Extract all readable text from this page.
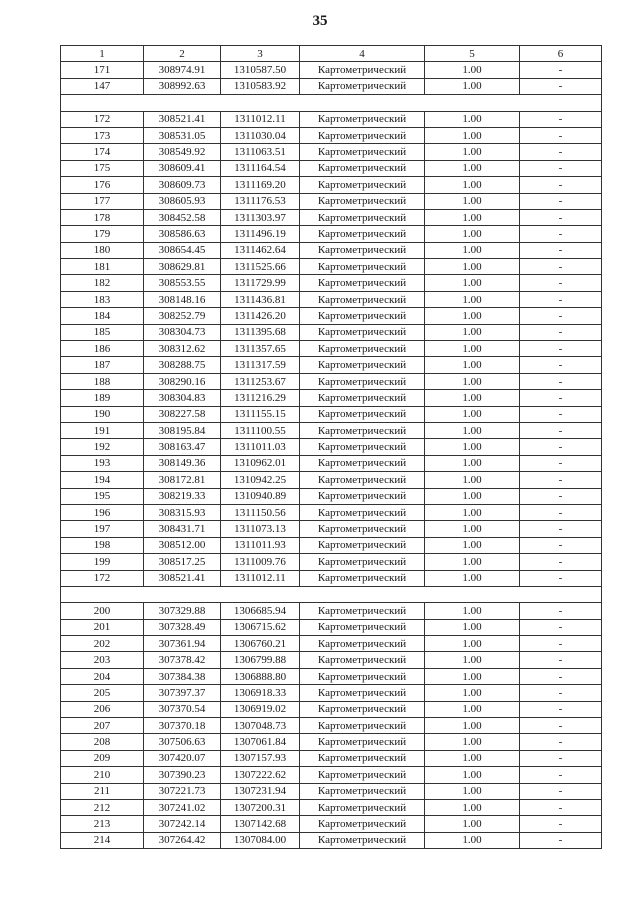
35
1	2	3	4	5	6
171	308974.91	1310587.50	Картометрический	1.00	-
147	308992.63	1310583.92	Картометрический	1.00	-

172	308521.41	1311012.11	Картометрический	1.00	-
173	308531.05	1311030.04	Картометрический	1.00	-
174	308549.92	1311063.51	Картометрический	1.00	-
175	308609.41	1311164.54	Картометрический	1.00	-
176	308609.73	1311169.20	Картометрический	1.00	-
177	308605.93	1311176.53	Картометрический	1.00	-
178	308452.58	1311303.97	Картометрический	1.00	-
179	308586.63	1311496.19	Картометрический	1.00	-
180	308654.45	1311462.64	Картометрический	1.00	-
181	308629.81	1311525.66	Картометрический	1.00	-
182	308553.55	1311729.99	Картометрический	1.00	-
183	308148.16	1311436.81	Картометрический	1.00	-
184	308252.79	1311426.20	Картометрический	1.00	-
185	308304.73	1311395.68	Картометрический	1.00	-
186	308312.62	1311357.65	Картометрический	1.00	-
187	308288.75	1311317.59	Картометрический	1.00	-
188	308290.16	1311253.67	Картометрический	1.00	-
189	308304.83	1311216.29	Картометрический	1.00	-
190	308227.58	1311155.15	Картометрический	1.00	-
191	308195.84	1311100.55	Картометрический	1.00	-
192	308163.47	1311011.03	Картометрический	1.00	-
193	308149.36	1310962.01	Картометрический	1.00	-
194	308172.81	1310942.25	Картометрический	1.00	-
195	308219.33	1310940.89	Картометрический	1.00	-
196	308315.93	1311150.56	Картометрический	1.00	-
197	308431.71	1311073.13	Картометрический	1.00	-
198	308512.00	1311011.93	Картометрический	1.00	-
199	308517.25	1311009.76	Картометрический	1.00	-
172	308521.41	1311012.11	Картометрический	1.00	-

200	307329.88	1306685.94	Картометрический	1.00	-
201	307328.49	1306715.62	Картометрический	1.00	-
202	307361.94	1306760.21	Картометрический	1.00	-
203	307378.42	1306799.88	Картометрический	1.00	-
204	307384.38	1306888.80	Картометрический	1.00	-
205	307397.37	1306918.33	Картометрический	1.00	-
206	307370.54	1306919.02	Картометрический	1.00	-
207	307370.18	1307048.73	Картометрический	1.00	-
208	307506.63	1307061.84	Картометрический	1.00	-
209	307420.07	1307157.93	Картометрический	1.00	-
210	307390.23	1307222.62	Картометрический	1.00	-
211	307221.73	1307231.94	Картометрический	1.00	-
212	307241.02	1307200.31	Картометрический	1.00	-
213	307242.14	1307142.68	Картометрический	1.00	-
214	307264.42	1307084.00	Картометрический	1.00	-
